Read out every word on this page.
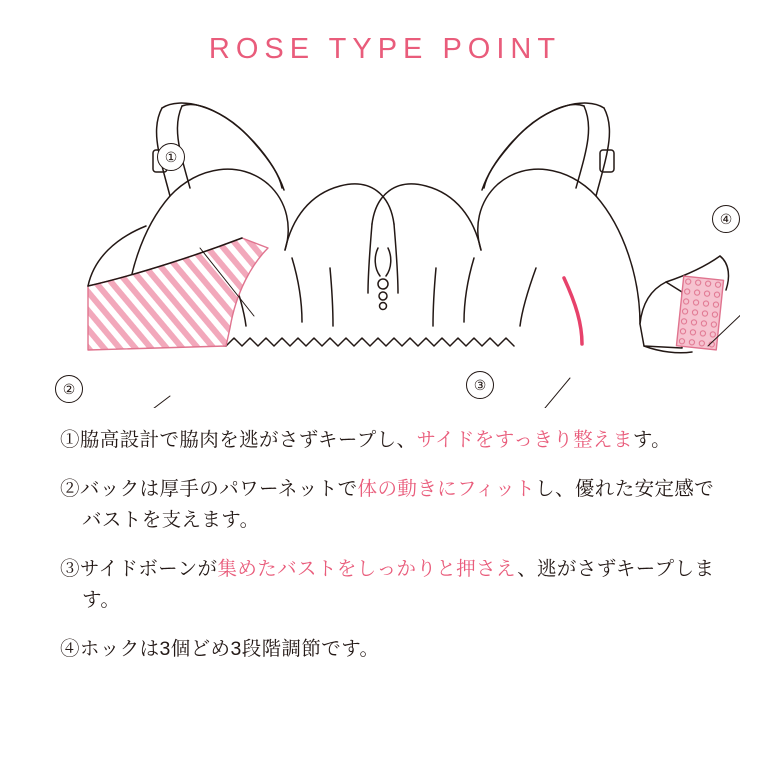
ROSE TYPE POINT
①
②	③
④
①脇高設計で脇肉を逃がさずキープし、サイドをすっきり整えます。
②バックは厚手のパワーネットで体の動きにフィットし、優れた安定感でバストを支えます。
③サイドボーンが集めたバストをしっかりと押さえ、逃がさずキープします。
④ホックは3個どめ3段階調節です。
